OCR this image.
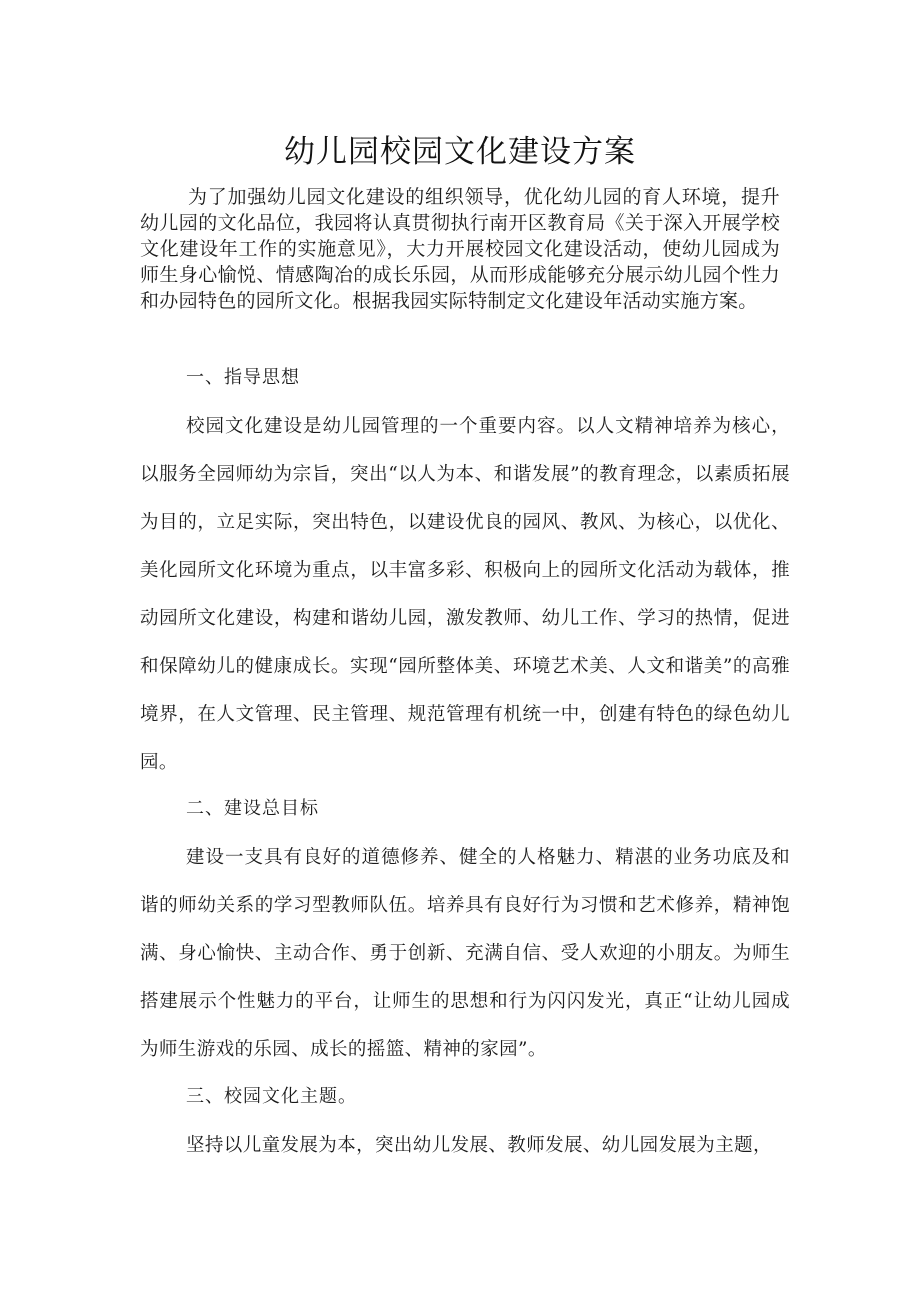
幼儿园校园文化建设方案

为了加强幼儿园文化建设的组织领导，优化幼儿园的育人环境，提升幼儿园的文化品位，我园将认真贯彻执行南开区教育局《关于深入开展学校文化建设年工作的实施意见》，大力开展校园文化建设活动，使幼儿园成为师生身心愉悦、情感陶冶的成长乐园，从而形成能够充分展示幼儿园个性力和办园特色的园所文化。根据我园实际特制定文化建设年活动实施方案。

一、指导思想

校园文化建设是幼儿园管理的一个重要内容。以人文精神培养为核心，以服务全园师幼为宗旨，突出“以人为本、和谐发展”的教育理念，以素质拓展为目的，立足实际，突出特色，以建设优良的园风、教风、为核心，以优化、美化园所文化环境为重点，以丰富多彩、积极向上的园所文化活动为载体，推动园所文化建设，构建和谐幼儿园，激发教师、幼儿工作、学习的热情，促进和保障幼儿的健康成长。实现“园所整体美、环境艺术美、人文和谐美”的高雅境界，在人文管理、民主管理、规范管理有机统一中，创建有特色的绿色幼儿园。

二、建设总目标

建设一支具有良好的道德修养、健全的人格魅力、精湛的业务功底及和谐的师幼关系的学习型教师队伍。培养具有良好行为习惯和艺术修养，精神饱满、身心愉快、主动合作、勇于创新、充满自信、受人欢迎的小朋友。为师生搭建展示个性魅力的平台，让师生的思想和行为闪闪发光，真正“让幼儿园成为师生游戏的乐园、成长的摇篮、精神的家园”。

三、校园文化主题。

坚持以儿童发展为本，突出幼儿发展、教师发展、幼儿园发展为主题，
